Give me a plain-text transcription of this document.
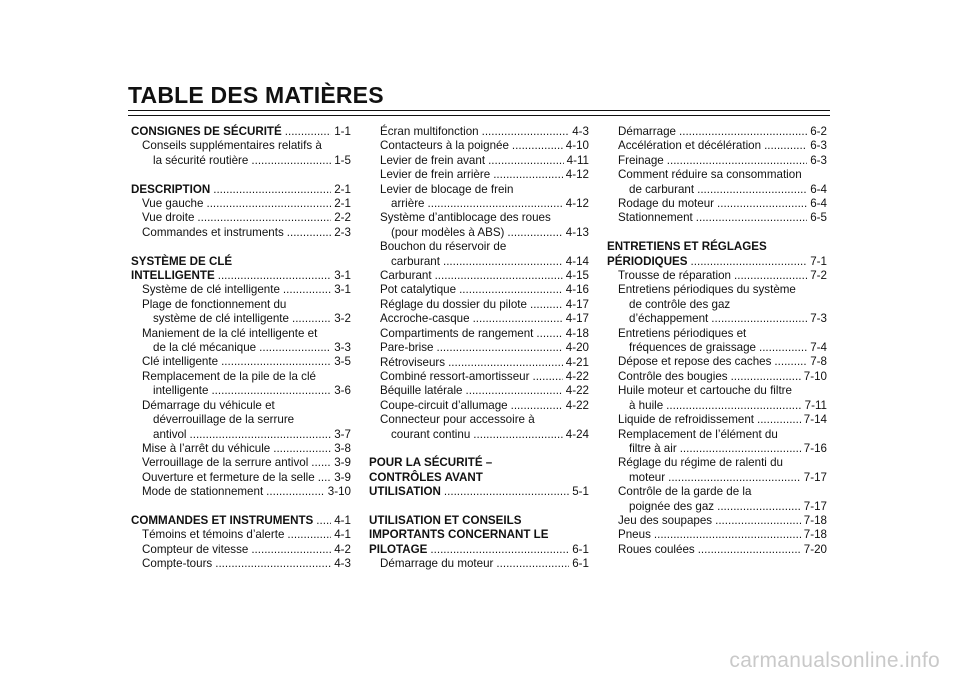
TABLE DES MATIÈRES
CONSIGNES DE SÉCURITÉ .....	1-1
Conseils supplémentaires relatifs à
la sécurité routière .....	1-5
DESCRIPTION .....	2-1
Vue gauche .....	2-1
Vue droite .....	2-2
Commandes et instruments .....	2-3
SYSTÈME DE CLÉ
INTELLIGENTE .....	3-1
Système de clé intelligente .....	3-1
Plage de fonctionnement du
système de clé intelligente .....	3-2
Maniement de la clé intelligente et
de la clé mécanique .....	3-3
Clé intelligente .....	3-5
Remplacement de la pile de la clé
intelligente .....	3-6
Démarrage du véhicule et
déverrouillage de la serrure
antivol .....	3-7
Mise à l’arrêt du véhicule .....	3-8
Verrouillage de la serrure antivol ..... 3-9
Ouverture et fermeture de la selle ..... 3-9
Mode de stationnement .....	3-10
COMMANDES ET INSTRUMENTS ..... 4-1
Témoins et témoins d’alerte .....	4-1
Compteur de vitesse .....	4-2
Compte-tours .....	4-3
Écran multifonction .....	4-3
Contacteurs à la poignée .....	4-10
Levier de frein avant .....	4-11
Levier de frein arrière .....	4-12
Levier de blocage de frein
arrière .....	4-12
Système d’antiblocage des roues
(pour modèles à ABS) .....	4-13
Bouchon du réservoir de
carburant .....	4-14
Carburant .....	4-15
Pot catalytique .....	4-16
Réglage du dossier du pilote .....	4-17
Accroche-casque .....	4-17
Compartiments de rangement .....	4-18
Pare-brise .....	4-20
Rétroviseurs .....	4-21
Combiné ressort-amortisseur .....	4-22
Béquille latérale .....	4-22
Coupe-circuit d’allumage .....	4-22
Connecteur pour accessoire à
courant continu .....	4-24
POUR LA SÉCURITÉ –
CONTRÔLES AVANT
UTILISATION .....	5-1
UTILISATION ET CONSEILS
IMPORTANTS CONCERNANT LE
PILOTAGE .....	6-1
Démarrage du moteur .....	6-1
Démarrage .....	6-2
Accélération et décélération .....	6-3
Freinage .....	6-3
Comment réduire sa consommation
de carburant .....	6-4
Rodage du moteur .....	6-4
Stationnement .....	6-5
ENTRETIENS ET RÉGLAGES
PÉRIODIQUES .....	7-1
Trousse de réparation .....	7-2
Entretiens périodiques du système
de contrôle des gaz
d’échappement .....	7-3
Entretiens périodiques et
fréquences de graissage .....	7-4
Dépose et repose des caches .....	7-8
Contrôle des bougies .....	7-10
Huile moteur et cartouche du filtre
à huile .....	7-11
Liquide de refroidissement .....	7-14
Remplacement de l’élément du
filtre à air .....	7-16
Réglage du régime de ralenti du
moteur .....	7-17
Contrôle de la garde de la
poignée des gaz .....	7-17
Jeu des soupapes .....	7-18
Pneus .....	7-18
Roues coulées .....	7-20
carmanualsonline.info
